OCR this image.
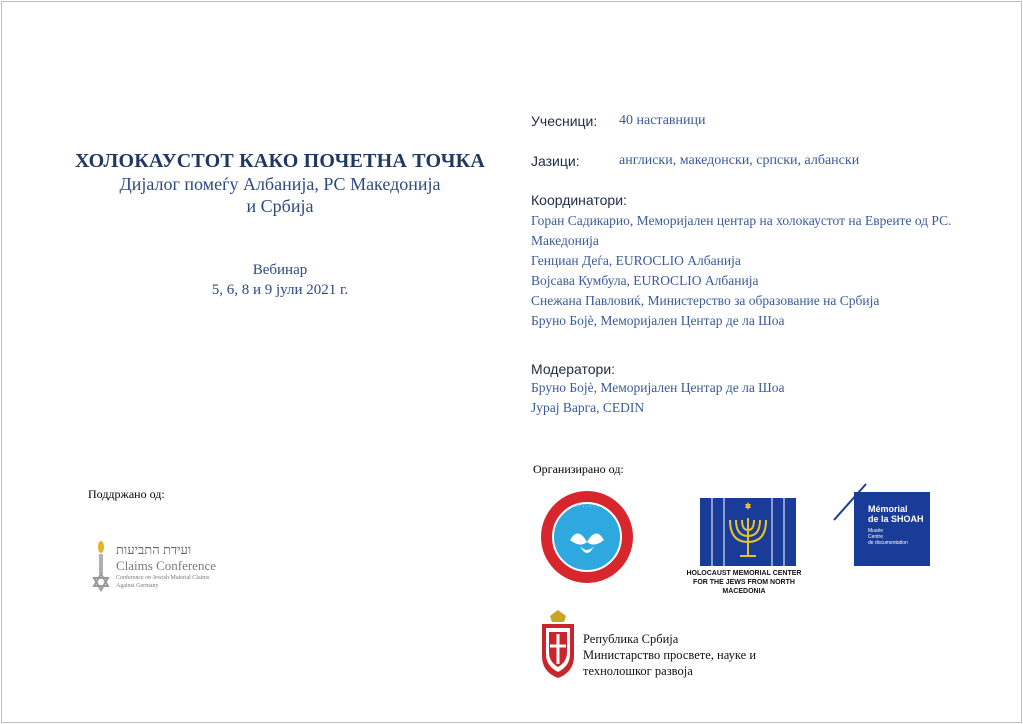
ХОЛОКАУСТОТ КАКО ПОЧЕТНА ТОЧКА
Дијалог помеѓу Албанија, РС Македонија
и Србија
Вебинар
5, 6, 8 и 9 јули 2021 г.
Учесници: 40 наставници
Јазици:	англиски, македонски, српски, албански
Координатори:
Горан Садикарио, Меморијален центар на холокаустот на Евреите од РС.
Македонија
Генциан Деѓа, EUROCLIO Албанија
Војсава Кумбула, EUROCLIO Албанија
Снежана Павловиќ, Министерство за образование на Србија
Бруно Бојè, Меморијален Центар де ла Шоа
Модератори:
Бруно Бојè, Меморијален Центар де ла Шоа
Јурај Варга, CEDIN
Организирано од:
Поддржано од:
ועידת התביעות
Claims Conference
Conference on Jewish Material Claims
Against Germany
· · · · · · ·
HOLOCAUST MEMORIAL CENTER
FOR THE JEWS FROM NORTH
MACEDONIA
Mémorial
de la SHOAH
Musée
Centre
de documentation
Република Србија
Министарство просвете, науке и
технолошког развоја
